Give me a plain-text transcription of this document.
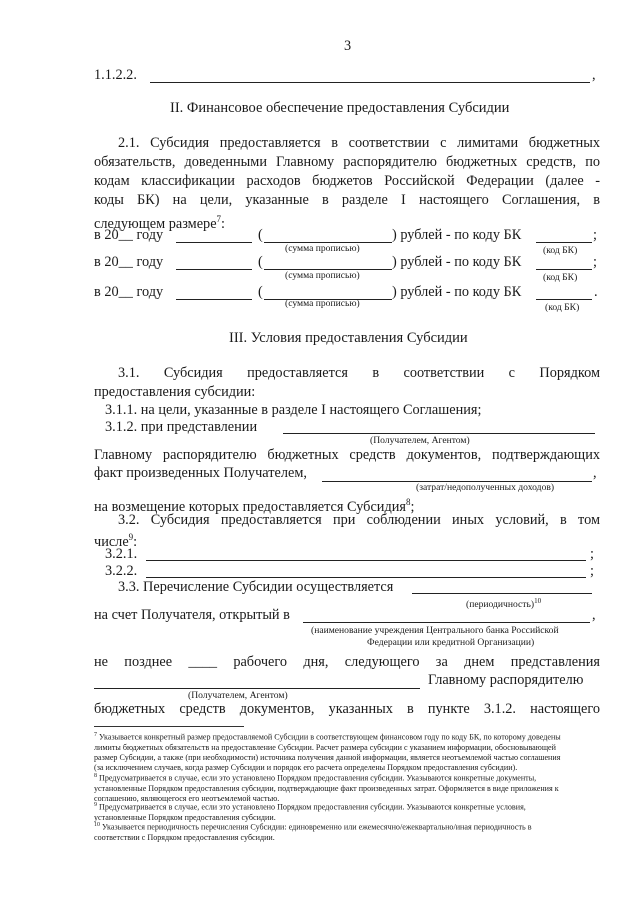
3
1.1.2.2.	,
II. Финансовое обеспечение предоставления Субсидии
2.1. Субсидия предоставляется в соответствии с лимитами бюджетных
обязательств, доведенными Главному распорядителю бюджетных средств, по
кодам классификации расходов бюджетов Российской Федерации (далее -
коды БК) на цели, указанные в разделе I настоящего Соглашения, в
следующем размере$^7$:
в 20__ году	(	) рублей - по коду БК	;
(сумма прописью)	(код БК)
в 20__ году	(	) рублей - по коду БК	;
(сумма прописью)	(код БК)
в 20__ году	(	) рублей - по коду БК	.
(сумма прописью)	(код БК)
III. Условия предоставления Субсидии
3.1. Субсидия предоставляется в соответствии с Порядком
предоставления субсидии:
3.1.1. на цели, указанные в разделе I настоящего Соглашения;
3.1.2. при представлении
(Получателем, Агентом)
Главному распорядителю бюджетных средств документов, подтверждающих
факт произведенных Получателем,	,
(затрат/недополученных доходов)
на возмещение которых предоставляется Субсидия$^8$;
3.2. Субсидия предоставляется при соблюдении иных условий, в том
числе$^9$:
3.2.1.	;
3.2.2.	;
3.3. Перечисление Субсидии осуществляется
(периодичность)$^{10}$
на счет Получателя, открытый в	,
(наименование учреждения Центрального банка Российской
Федерации или кредитной Организации)
не позднее ____ рабочего дня, следующего за днем представления
Главному распорядителю
(Получателем, Агентом)
бюджетных средств документов, указанных в пункте 3.1.2. настоящего
$^7$ Указывается конкретный размер предоставляемой Субсидии в соответствующем финансовом году по коду БК, по которому доведены
лимиты бюджетных обязательств на предоставление Субсидии. Расчет размера субсидии с указанием информации, обосновывающей
размер Субсидии, а также (при необходимости) источника получения данной информации, является неотъемлемой частью соглашения
(за исключением случаев, когда размер Субсидии и порядок его расчета определены Порядком предоставления субсидии).
$^8$ Предусматривается в случае, если это установлено Порядком предоставления субсидии. Указываются конкретные документы,
установленные Порядком предоставления субсидии, подтверждающие факт произведенных затрат. Оформляется в виде приложения к
соглашению, являющегося его неотъемлемой частью.
$^9$ Предусматривается в случае, если это установлено Порядком предоставления субсидии. Указываются конкретные условия,
установленные Порядком предоставления субсидии.
$^{10}$ Указывается периодичность перечисления Субсидии: единовременно или ежемесячно/ежеквартально/иная периодичность в
соответствии с Порядком предоставления субсидии.
